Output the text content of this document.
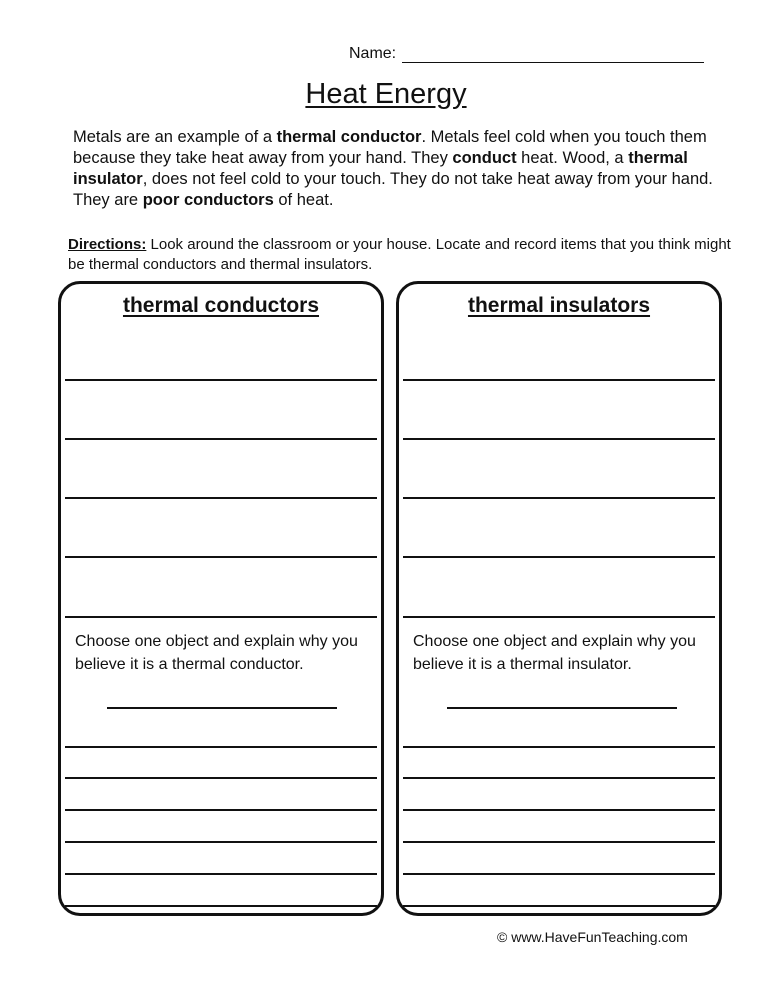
Name:
Heat Energy
Metals are an example of a thermal conductor. Metals feel cold when you touch them because they take heat away from your hand. They conduct heat. Wood, a thermal insulator, does not feel cold to your touch. They do not take heat away from your hand. They are poor conductors of heat.
Directions: Look around the classroom or your house. Locate and record items that you think might be thermal conductors and thermal insulators.
thermal conductors
Choose one object and explain why you believe it is a thermal conductor.
thermal insulators
Choose one object and explain why you believe it is a thermal insulator.
© www.HaveFunTeaching.com
